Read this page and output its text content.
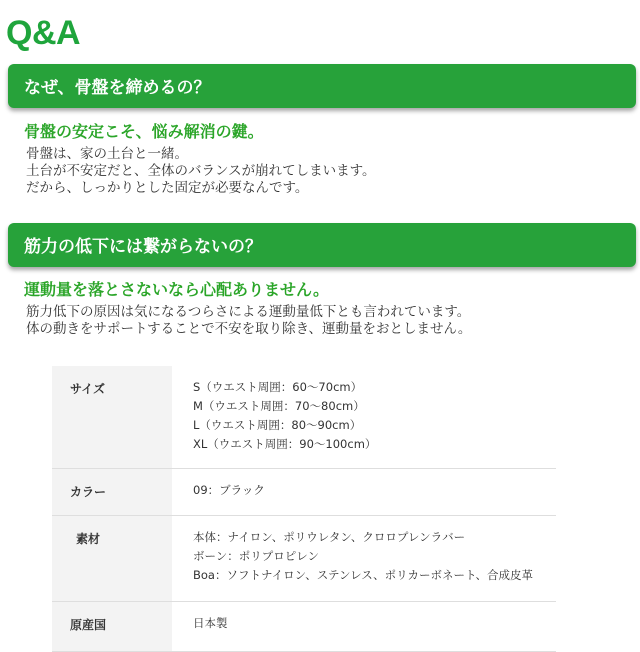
Q&A
なぜ、骨盤を締めるの？
骨盤の安定こそ、悩み解消の鍵。
骨盤は、家の土台と一緒。
土台が不安定だと、全体のバランスが崩れてしまいます。
だから、しっかりとした固定が必要なんです。
筋力の低下には繋がらないの？
運動量を落とさないなら心配ありません。
筋力低下の原因は気になるつらさによる運動量低下とも言われています。
体の動きをサポートすることで不安を取り除き、運動量をおとしません。
サイズ	S（ウエスト周囲：60～70cm）
M（ウエスト周囲：70～80cm）
L（ウエスト周囲：80～90cm）
XL（ウエスト周囲：90～100cm）

カラー	09：ブラック
素材	本体：ナイロン、ポリウレタン、クロロプレンラバー
ボーン：ポリプロピレン
Boa：ソフトナイロン、ステンレス、ポリカーボネート、合成皮革

原産国	日本製
